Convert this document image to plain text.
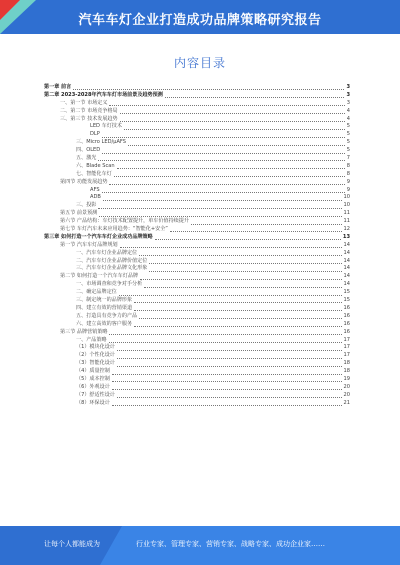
汽车车灯企业打造成功品牌策略研究报告
内容目录
第一章 前言	3
第二章 2023-2028年汽车车灯市场前景及趋势预测	3
一、第一节 市场定义	3
二、第二节 市场竞争格局	4
三、第三节 技术发展趋势	4
LED 车灯技术	5
DLP	5
三、Micro LED/µAFS	5
四、OLED	5
五、激光	7
六、Blade Scan	8
七、智能化车灯	8
第四节 功能发展趋势	9
AFS	9
ADB	10
三、投影	10
第五节 前景预测	11
第六节 产品结构：车灯技术配置提升，单车价值持续提升	11
第七节 车灯汽车未来应用趋势：“智能化+安全”	12
第三章 如何打造一个汽车车灯企业成功品牌策略	13
第一节 汽车车灯品牌规划	14
一、汽车车灯企业品牌定位	14
二、汽车车灯企业品牌价值定位	14
三、汽车车灯企业品牌文化形象	14
第二节 如何打造一个汽车车灯品牌	14
一、市场调查和竞争对手分析	14
二、确定品牌定位	15
三、制定统一的品牌形象	15
四、建立有效的营销渠道	16
五、打造具有竞争力的产品	16
六、建立高效的客户服务	16
第三节 品牌营销策略	16
一、产品策略	17
（1）模块化设计	17
（2）个性化设计	17
（3）智能化设计	18
（4）质量控制	18
（5）成本控制	19
（6）外观设计	20
（7）舒适性设计	20
（8）环保设计	21
让每个人都能成为	行业专家、管理专家、营销专家、战略专家、成功企业家……
